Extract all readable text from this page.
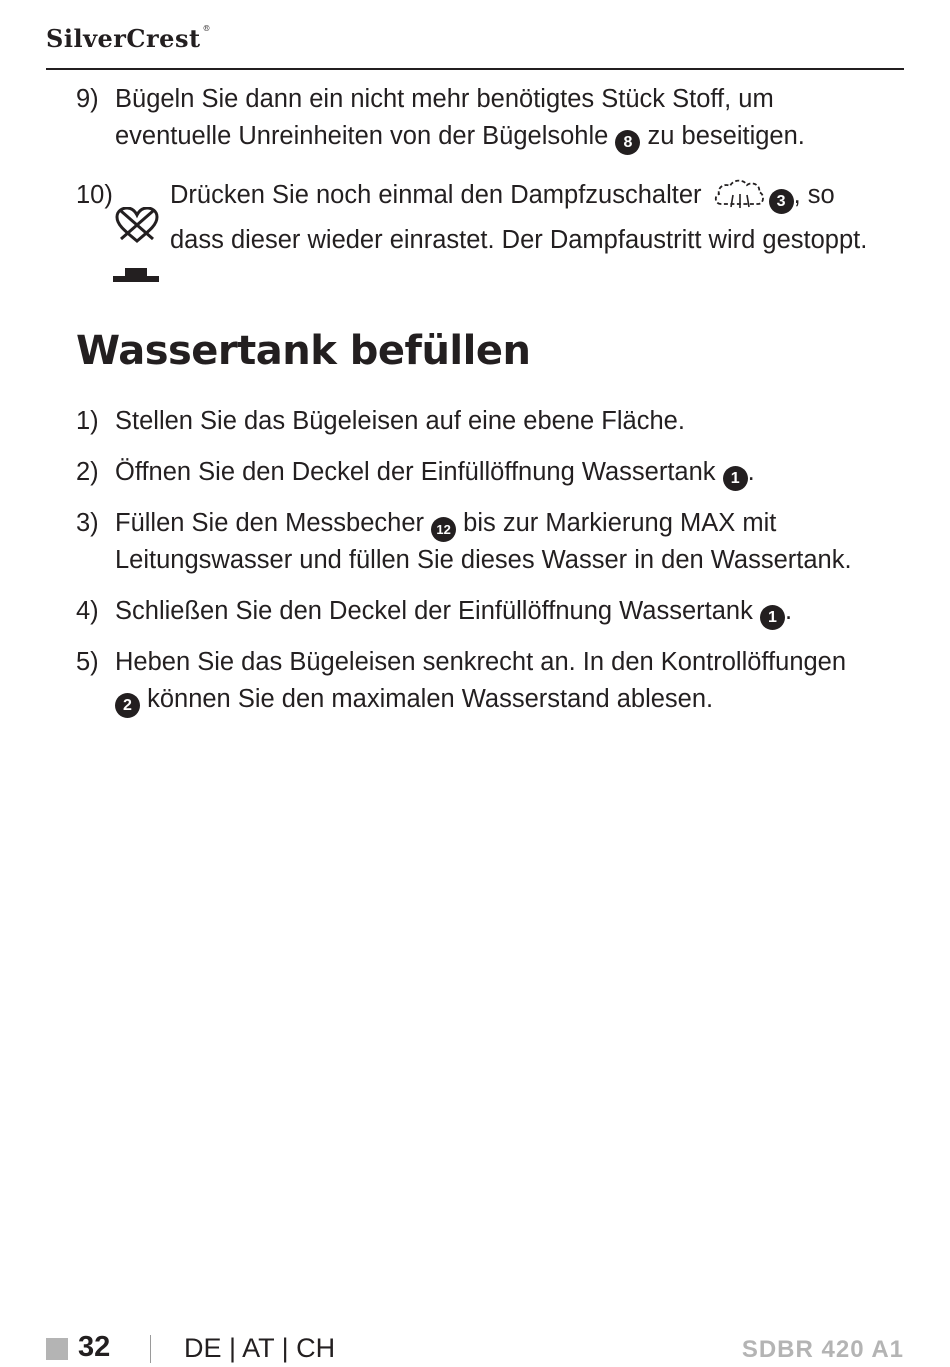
SilverCrest ®
9) Bügeln Sie dann ein nicht mehr benötigtes Stück Stoff, um eventuelle Unreinheiten von der Bügelsohle 8 zu beseitigen.
10) Drücken Sie noch einmal den Dampfzuschalter	3 , so dass dieser wieder einrastet. Der Dampfaustritt wird gestoppt.
Wassertank befüllen
1) Stellen Sie das Bügeleisen auf eine ebene Fläche.
2) Öffnen Sie den Deckel der Einfüllöffnung Wassertank 1 .
3) Füllen Sie den Messbecher 12 bis zur Markierung MAX mit Leitungswasser und füllen Sie dieses Wasser in den Wassertank.
4) Schließen Sie den Deckel der Einfüllöffnung Wassertank 1 .
5) Heben Sie das Bügeleisen senkrecht an. In den Kontrollöffungen 2 können Sie den maximalen Wasserstand ablesen.
32	DE | AT | CH	SDBR 420 A1
